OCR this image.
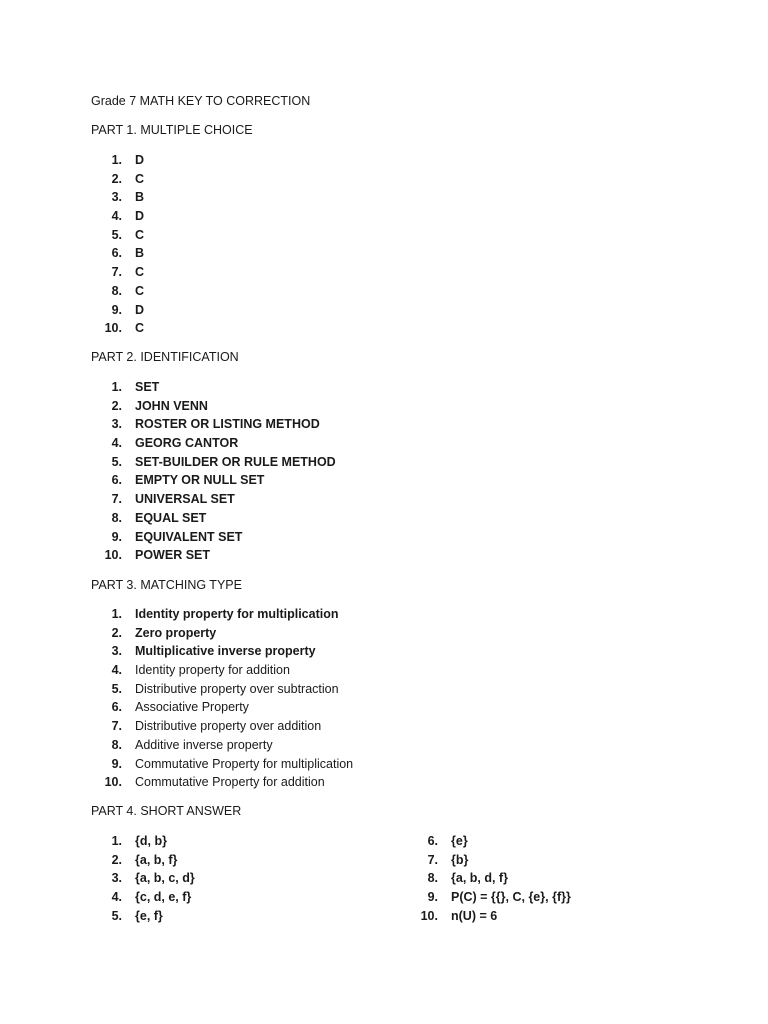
Grade 7 MATH KEY TO CORRECTION
PART 1. MULTIPLE CHOICE
1. D
2. C
3. B
4. D
5. C
6. B
7. C
8. C
9. D
10. C
PART 2. IDENTIFICATION
1. SET
2. JOHN VENN
3. ROSTER OR LISTING METHOD
4. GEORG CANTOR
5. SET-BUILDER OR RULE METHOD
6. EMPTY OR NULL SET
7. UNIVERSAL SET
8. EQUAL SET
9. EQUIVALENT SET
10. POWER SET
PART 3. MATCHING TYPE
1. Identity property for multiplication
2. Zero property
3. Multiplicative inverse property
4. Identity property for addition
5. Distributive property over subtraction
6. Associative Property
7. Distributive property over addition
8. Additive inverse property
9. Commutative Property for multiplication
10. Commutative Property for addition
PART 4. SHORT ANSWER
1. {d, b}
2. {a, b, f}
3. {a, b, c, d}
4. {c, d, e, f}
5. {e, f}
6. {e}
7. {b}
8. {a, b, d, f}
9. P(C) = {{}, C, {e}, {f}}
10. n(U) = 6
